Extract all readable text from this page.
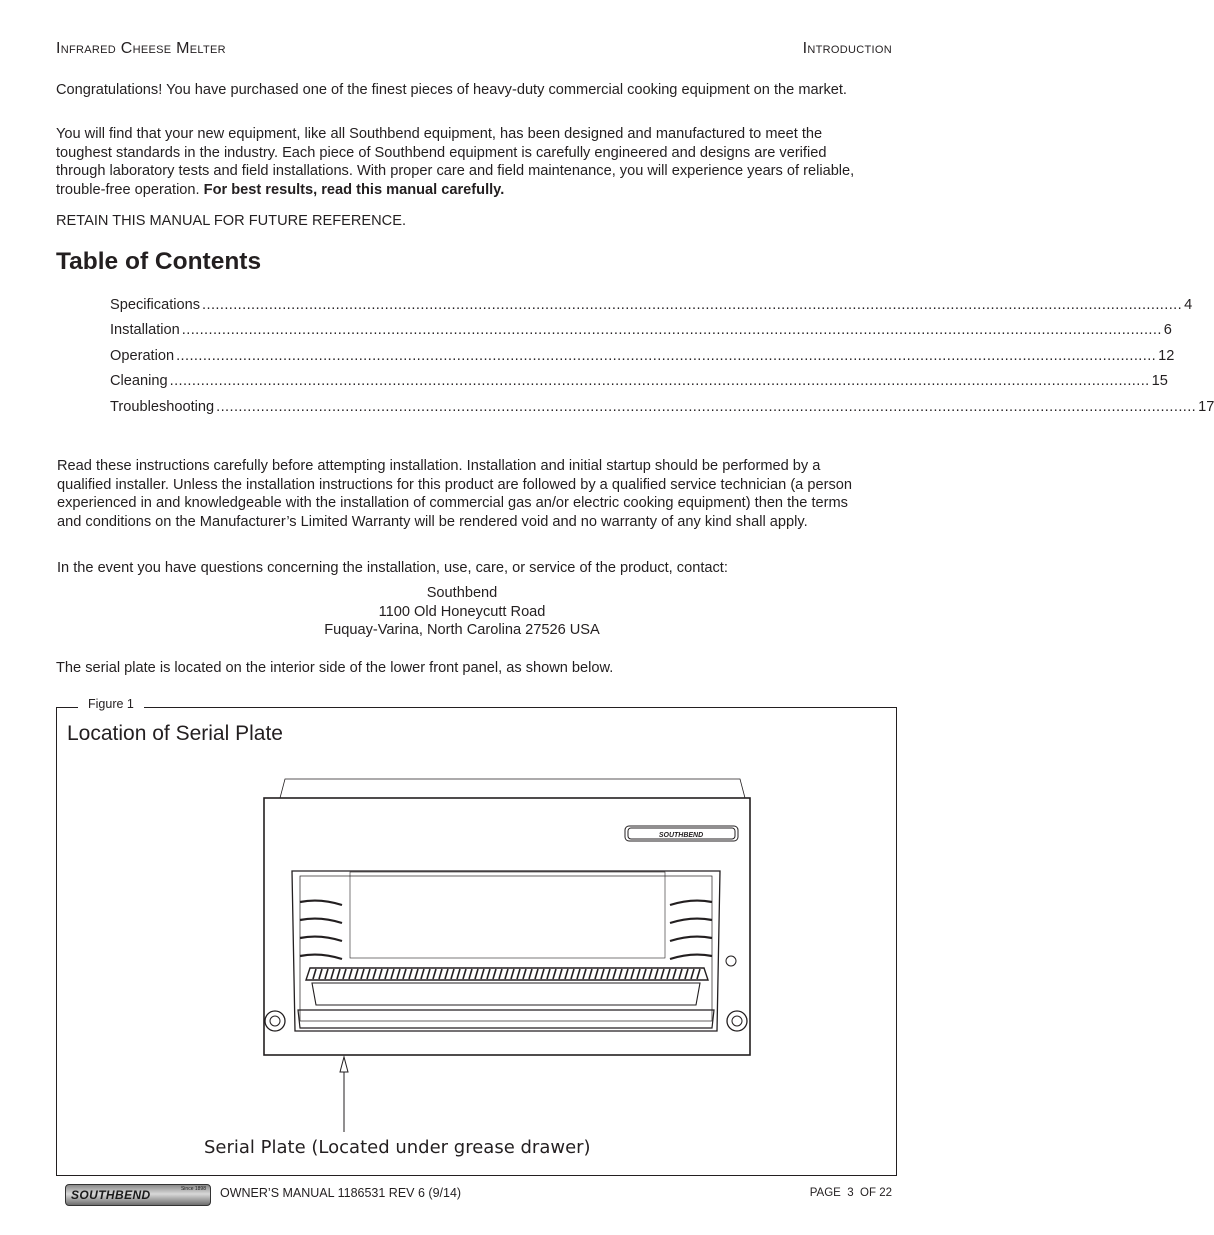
Infrared Cheese Melter	Introduction
Congratulations! You have purchased one of the finest pieces of heavy-duty commercial cooking equipment on the market.
You will find that your new equipment, like all Southbend equipment, has been designed and manufactured to meet the toughest standards in the industry. Each piece of Southbend equipment is carefully engineered and designs are verified through laboratory tests and field installations. With proper care and field maintenance, you will experience years of reliable, trouble-free operation. For best results, read this manual carefully.
RETAIN THIS MANUAL FOR FUTURE REFERENCE.
Table of Contents
Specifications ............................................................................................................................................................................................................................ 4
Installation ............................................................................................................................................................................................................................ 6
Operation ............................................................................................................................................................................................................................ 12
Cleaning ............................................................................................................................................................................................................................ 15
Troubleshooting ............................................................................................................................................................................................................................ 17
Read these instructions carefully before attempting installation. Installation and initial startup should be performed by a qualified installer. Unless the installation instructions for this product are followed by a qualified service technician (a person experienced in and knowledgeable with the installation of commercial gas an/or electric cooking equipment) then the terms and conditions on the Manufacturer’s Limited Warranty will be rendered void and no warranty of any kind shall apply.
In the event you have questions concerning the installation, use, care, or service of the product, contact:
Southbend
1100 Old Honeycutt Road
Fuquay-Varina, North Carolina 27526 USA
The serial plate is located on the interior side of the lower front panel, as shown below.
Figure 1
Location of Serial Plate
SOUTHBEND
Serial Plate (Located under grease drawer)
SOUTHBEND	Since 1898 OWNER’S MANUAL 1186531 REV 6 (9/14)	PAGE 3 OF 22
